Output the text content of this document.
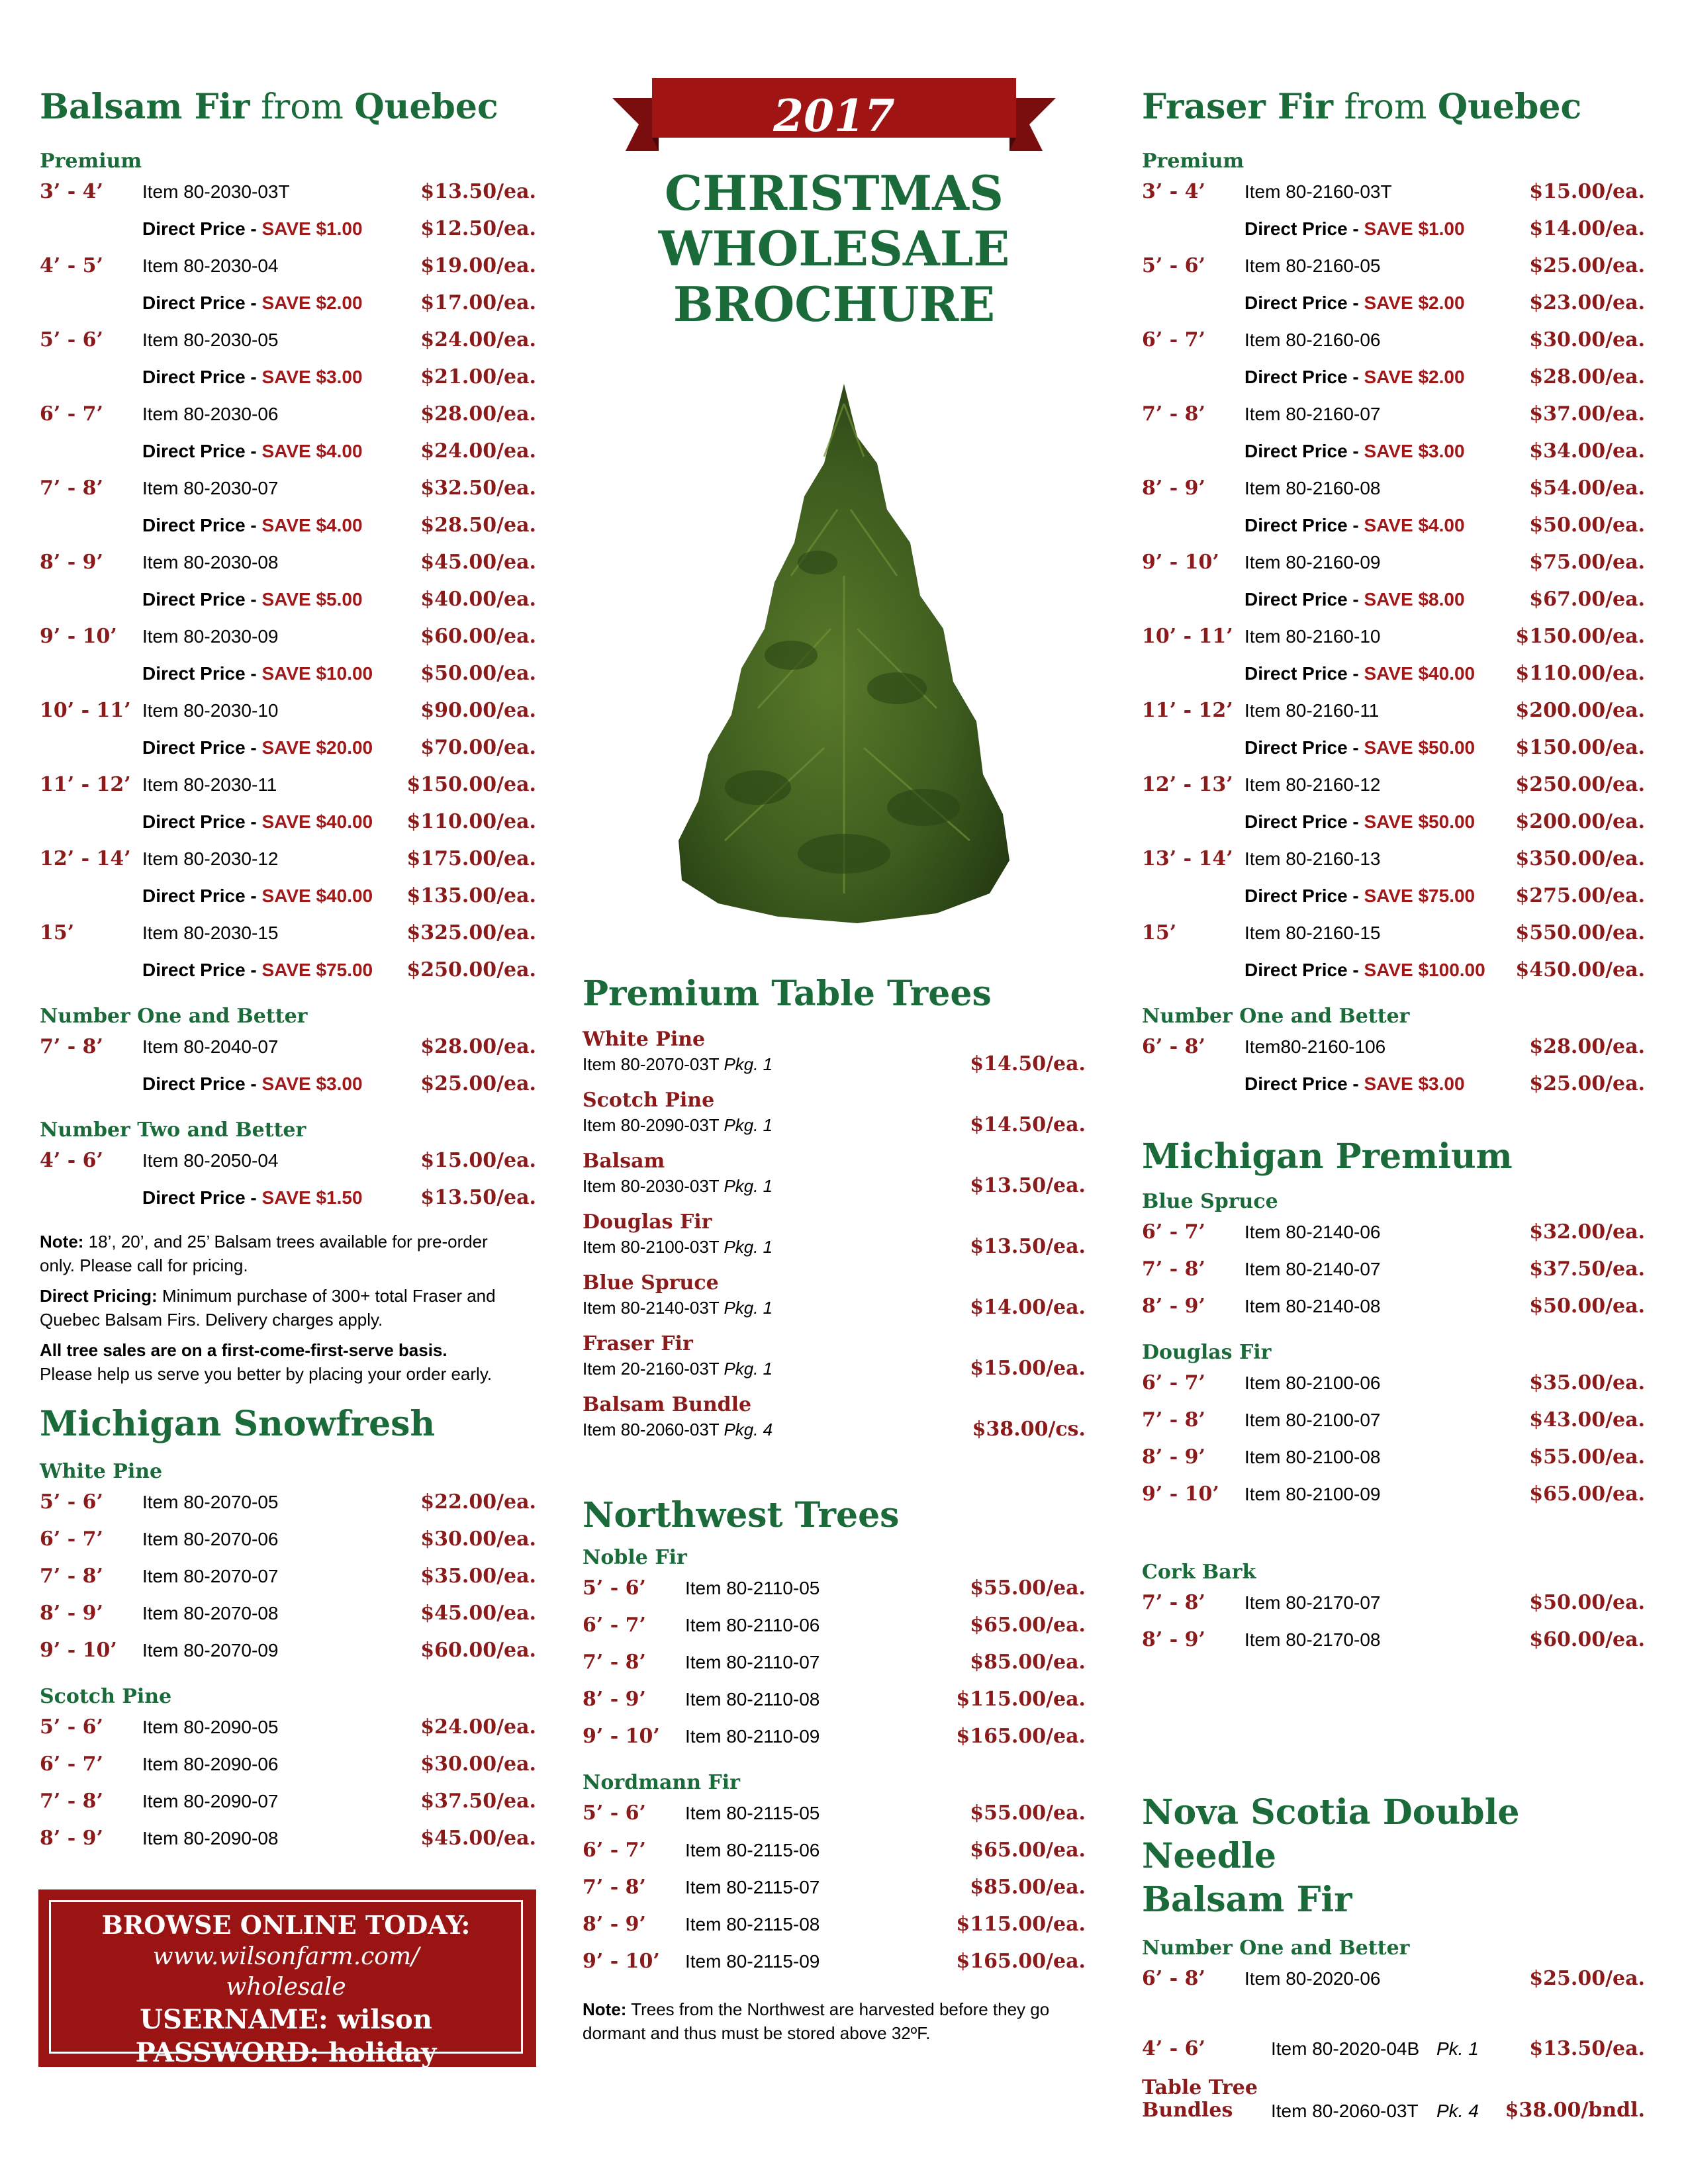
2017
CHRISTMAS
WHOLESALE
BROCHURE
Balsam Fir from Quebec
Premium
3’ - 4’	Item 80-2030-03T	$13.50/ea.
Direct Price - SAVE $1.00	$12.50/ea.
4’ - 5’	Item 80-2030-04	$19.00/ea.
Direct Price - SAVE $2.00	$17.00/ea.
5’ - 6’	Item 80-2030-05	$24.00/ea.
Direct Price - SAVE $3.00	$21.00/ea.
6’ - 7’	Item 80-2030-06	$28.00/ea.
Direct Price - SAVE $4.00	$24.00/ea.
7’ - 8’	Item 80-2030-07	$32.50/ea.
Direct Price - SAVE $4.00	$28.50/ea.
8’ - 9’	Item 80-2030-08	$45.00/ea.
Direct Price - SAVE $5.00	$40.00/ea.
9’ - 10’	Item 80-2030-09	$60.00/ea.
Direct Price - SAVE $10.00	$50.00/ea.
10’ - 11’ Item 80-2030-10	$90.00/ea.
Direct Price - SAVE $20.00	$70.00/ea.
11’ - 12’ Item 80-2030-11	$150.00/ea.
Direct Price - SAVE $40.00	$110.00/ea.
12’ - 14’ Item 80-2030-12	$175.00/ea.
Direct Price - SAVE $40.00	$135.00/ea.
15’	Item 80-2030-15	$325.00/ea.
Direct Price - SAVE $75.00	$250.00/ea.
Number One and Better
7’ - 8’	Item 80-2040-07	$28.00/ea.
Direct Price - SAVE $3.00	$25.00/ea.
Number Two and Better
4’ - 6’	Item 80-2050-04	$15.00/ea.
Direct Price - SAVE $1.50	$13.50/ea.
Note: 18’, 20’, and 25’ Balsam trees available for pre-order only. Please call for pricing.
Direct Pricing: Minimum purchase of 300+ total Fraser and Quebec Balsam Firs. Delivery charges apply.
All tree sales are on a first-come-first-serve basis. Please help us serve you better by placing your order early.
Michigan Snowfresh
White Pine
5’ - 6’	Item 80-2070-05	$22.00/ea.
6’ - 7’	Item 80-2070-06	$30.00/ea.
7’ - 8’	Item 80-2070-07	$35.00/ea.
8’ - 9’	Item 80-2070-08	$45.00/ea.
9’ - 10’	Item 80-2070-09	$60.00/ea.
Scotch Pine
5’ - 6’	Item 80-2090-05	$24.00/ea.
6’ - 7’	Item 80-2090-06	$30.00/ea.
7’ - 8’	Item 80-2090-07	$37.50/ea.
8’ - 9’	Item 80-2090-08	$45.00/ea.
BROWSE ONLINE TODAY:
www.wilsonfarm.com/
wholesale
USERNAME: wilson
PASSWORD: holiday
Premium Table Trees
White Pine
Item 80-2070-03T Pkg. 1	$14.50/ea.
Scotch Pine
Item 80-2090-03T Pkg. 1	$14.50/ea.
Balsam
Item 80-2030-03T Pkg. 1	$13.50/ea.
Douglas Fir
Item 80-2100-03T Pkg. 1	$13.50/ea.
Blue Spruce
Item 80-2140-03T Pkg. 1	$14.00/ea.
Fraser Fir
Item 20-2160-03T Pkg. 1	$15.00/ea.
Balsam Bundle
Item 80-2060-03T Pkg. 4	$38.00/cs.
Northwest Trees
Noble Fir
5’ - 6’	Item 80-2110-05	$55.00/ea.
6’ - 7’	Item 80-2110-06	$65.00/ea.
7’ - 8’	Item 80-2110-07	$85.00/ea.
8’ - 9’	Item 80-2110-08	$115.00/ea.
9’ - 10’	Item 80-2110-09	$165.00/ea.
Nordmann Fir
5’ - 6’	Item 80-2115-05	$55.00/ea.
6’ - 7’	Item 80-2115-06	$65.00/ea.
7’ - 8’	Item 80-2115-07	$85.00/ea.
8’ - 9’	Item 80-2115-08	$115.00/ea.
9’ - 10’	Item 80-2115-09	$165.00/ea.
Note: Trees from the Northwest are harvested before they go dormant and thus must be stored above 32ºF.
Fraser Fir from Quebec
Premium
3’ - 4’	Item 80-2160-03T	$15.00/ea.
Direct Price - SAVE $1.00	$14.00/ea.
5’ - 6’	Item 80-2160-05	$25.00/ea.
Direct Price - SAVE $2.00	$23.00/ea.
6’ - 7’	Item 80-2160-06	$30.00/ea.
Direct Price - SAVE $2.00	$28.00/ea.
7’ - 8’	Item 80-2160-07	$37.00/ea.
Direct Price - SAVE $3.00	$34.00/ea.
8’ - 9’	Item 80-2160-08	$54.00/ea.
Direct Price - SAVE $4.00	$50.00/ea.
9’ - 10’	Item 80-2160-09	$75.00/ea.
Direct Price - SAVE $8.00	$67.00/ea.
10’ - 11’ Item 80-2160-10	$150.00/ea.
Direct Price - SAVE $40.00	$110.00/ea.
11’ - 12’ Item 80-2160-11	$200.00/ea.
Direct Price - SAVE $50.00	$150.00/ea.
12’ - 13’ Item 80-2160-12	$250.00/ea.
Direct Price - SAVE $50.00	$200.00/ea.
13’ - 14’ Item 80-2160-13	$350.00/ea.
Direct Price - SAVE $75.00	$275.00/ea.
15’	Item 80-2160-15	$550.00/ea.
Direct Price - SAVE $100.00	$450.00/ea.
Number One and Better
6’ - 8’	Item80-2160-106	$28.00/ea.
Direct Price - SAVE $3.00	$25.00/ea.
Michigan Premium
Blue Spruce
6’ - 7’	Item 80-2140-06	$32.00/ea.
7’ - 8’	Item 80-2140-07	$37.50/ea.
8’ - 9’	Item 80-2140-08	$50.00/ea.
Douglas Fir
6’ - 7’	Item 80-2100-06	$35.00/ea.
7’ - 8’	Item 80-2100-07	$43.00/ea.
8’ - 9’	Item 80-2100-08	$55.00/ea.
9’ - 10’	Item 80-2100-09	$65.00/ea.
Cork Bark
7’ - 8’	Item 80-2170-07	$50.00/ea.
8’ - 9’	Item 80-2170-08	$60.00/ea.
Nova Scotia Double Needle
Balsam Fir
Number One and Better
6’ - 8’	Item 80-2020-06	$25.00/ea.
4’ - 6’	Item 80-2020-04B Pk. 1	$13.50/ea.
Table Tree
Bundles	Item 80-2060-03T Pk. 4	$38.00/bndl.
